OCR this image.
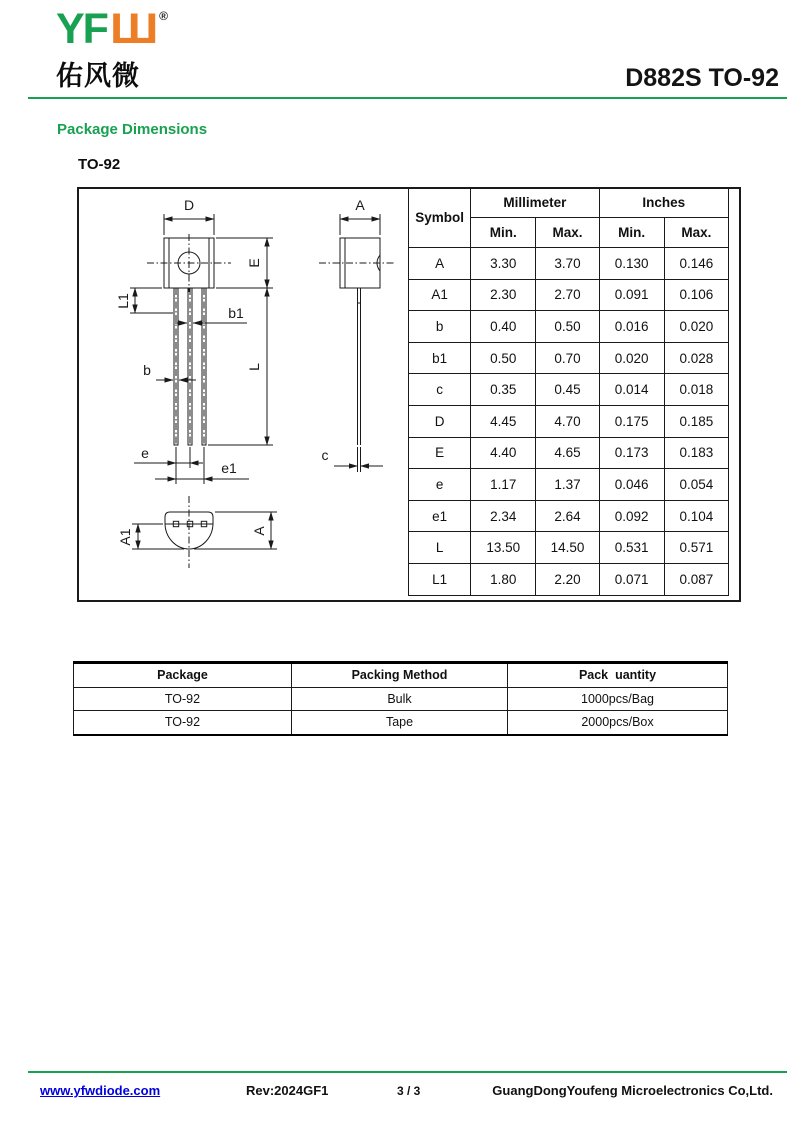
YF Ш ®
佑风微	D882S TO-92
Package Dimensions
TO-92
D
E
L1
b1
b	L
e
e1
A
c
A1	A
Symbol	Millimeter		Inches	
	Min.	Max.	Min.	Max.
A	3.30	3.70	0.130	0.146
A1	2.30	2.70	0.091	0.106
b	0.40	0.50	0.016	0.020
b1	0.50	0.70	0.020	0.028
c	0.35	0.45	0.014	0.018
D	4.45	4.70	0.175	0.185
E	4.40	4.65	0.173	0.183
e	1.17	1.37	0.046	0.054
e1	2.34	2.64	0.092	0.104
L	13.50	14.50	0.531	0.571
L1	1.80	2.20	0.071	0.087
Package	Packing Method	Pack  uantity
TO-92	Bulk	1000pcs/Bag
TO-92	Tape	2000pcs/Box
www.yfwdiode.com	Rev:2024GF1	3 / 3	GuangDongYoufeng Microelectronics Co,Ltd.
